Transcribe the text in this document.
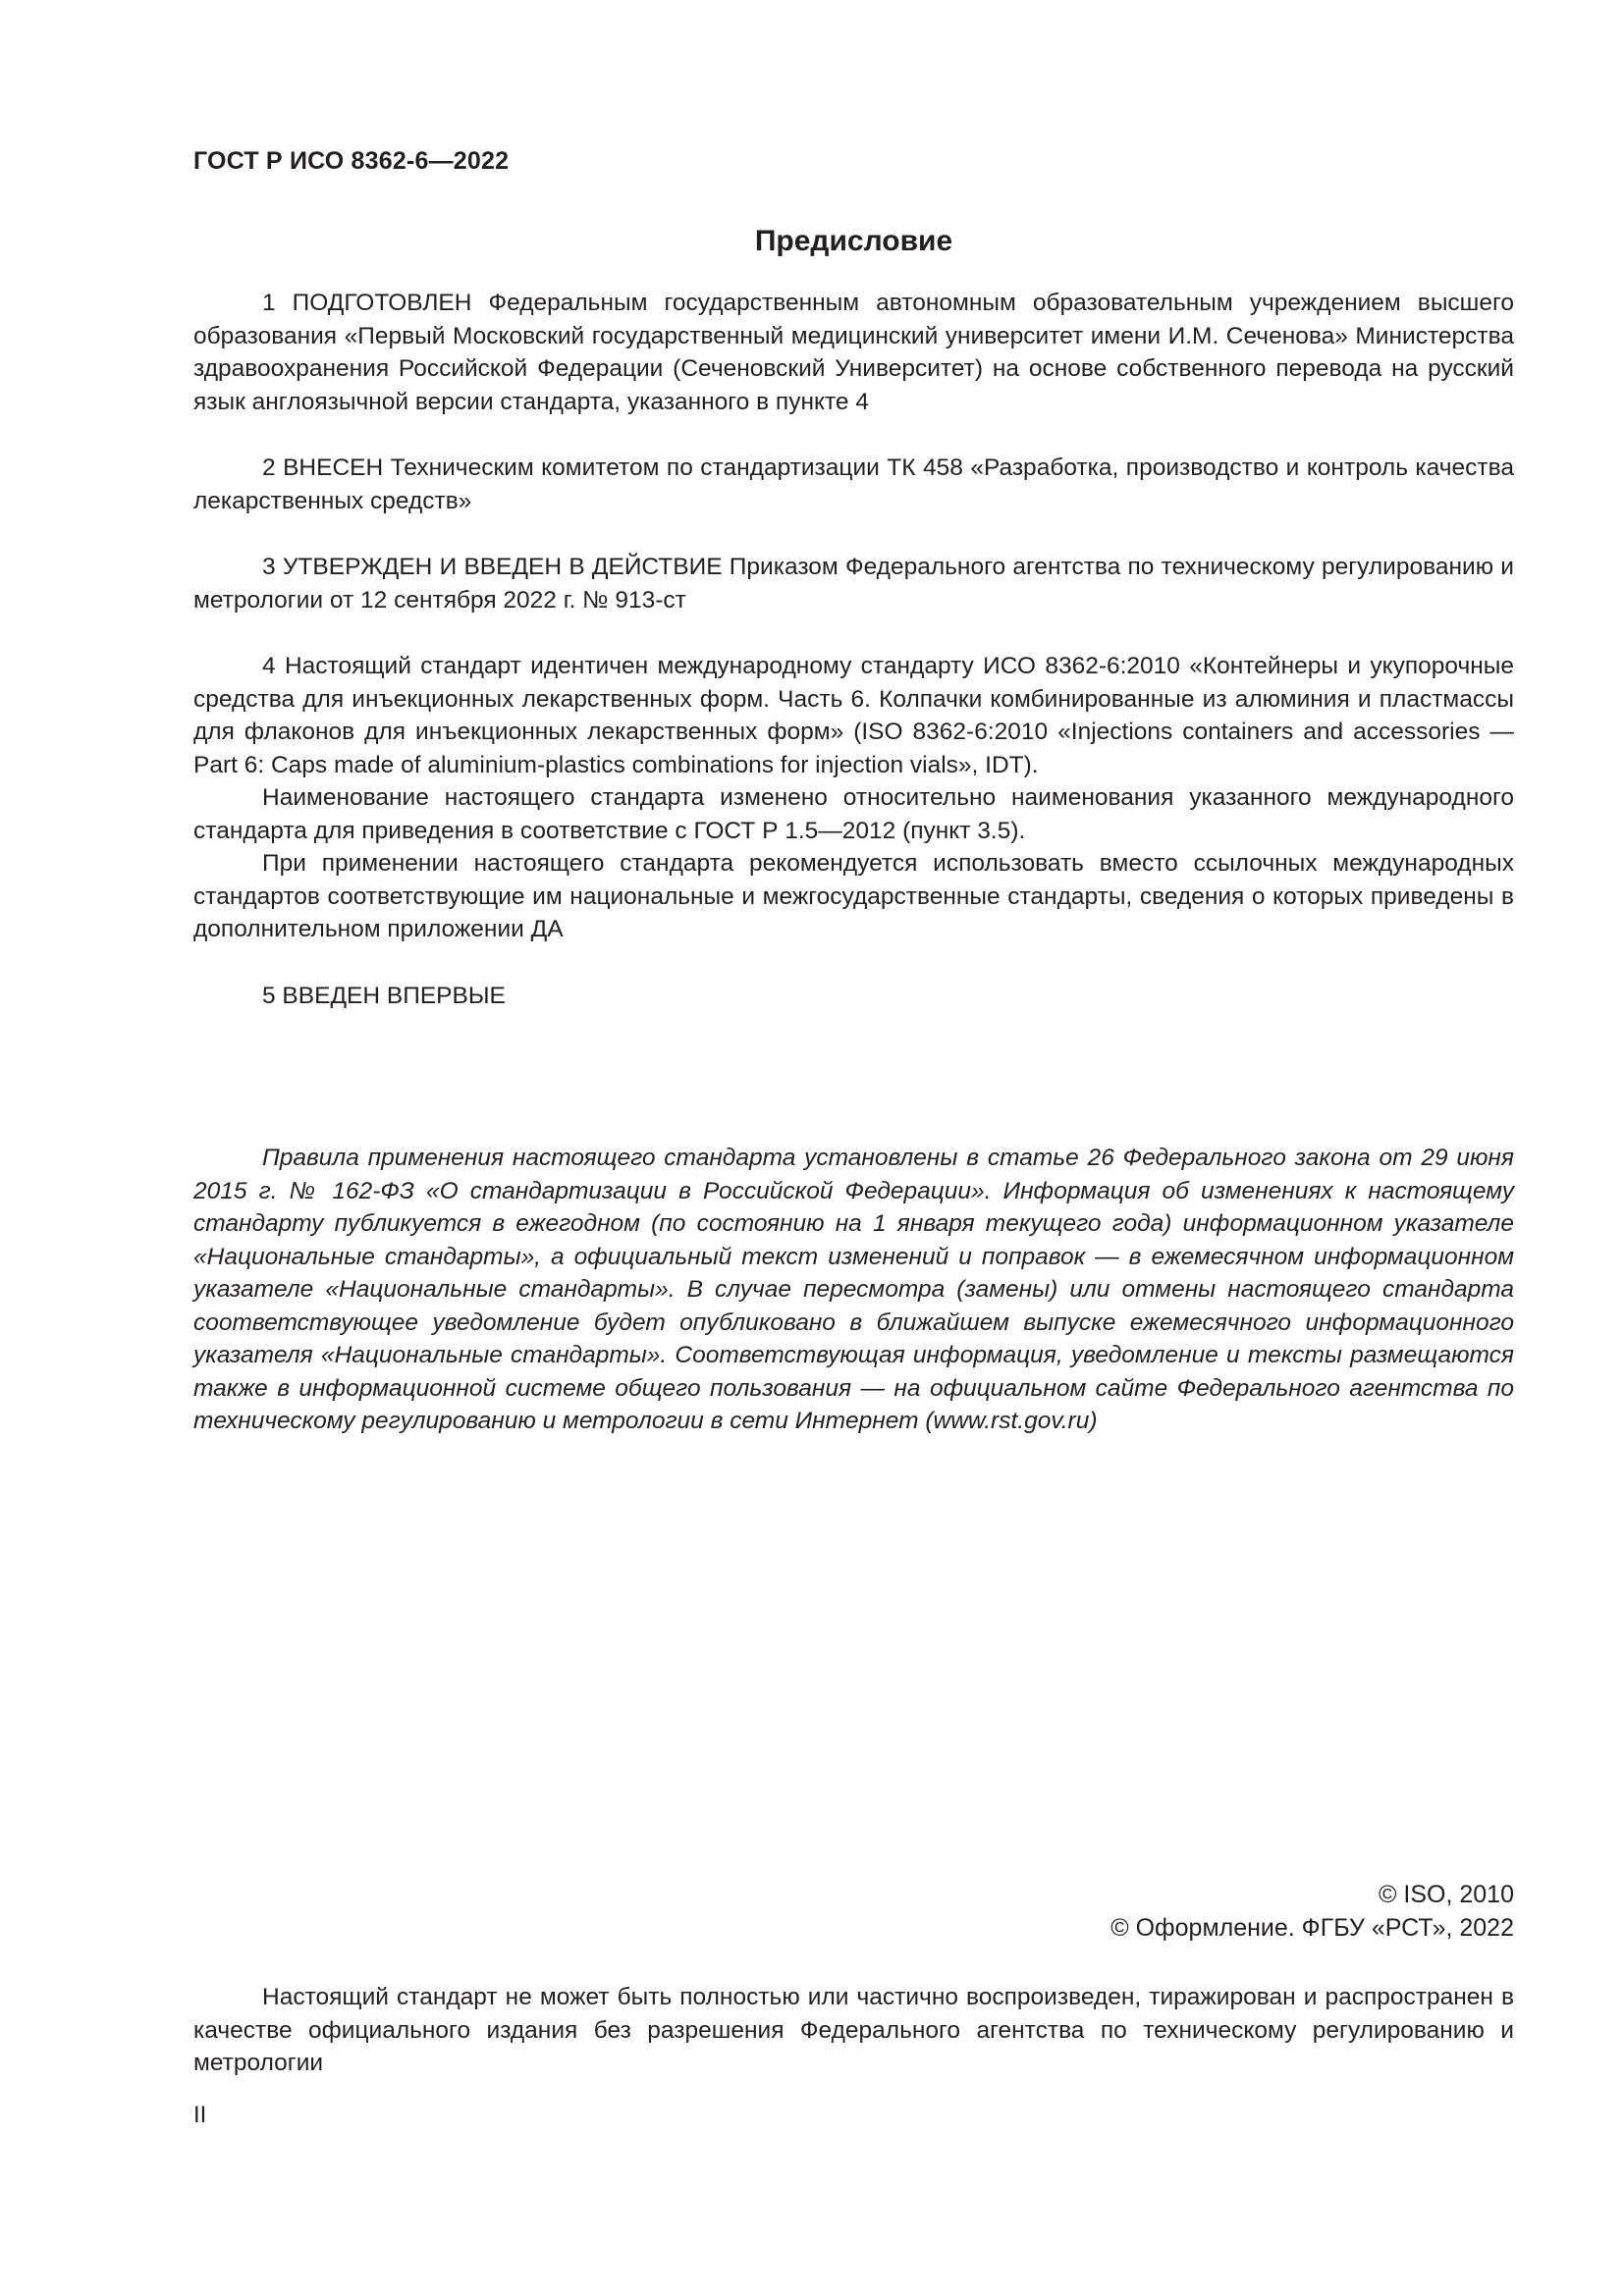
ГОСТ Р ИСО 8362-6—2022
Предисловие

1 ПОДГОТОВЛЕН Федеральным государственным автономным образовательным учреждением высшего образования «Первый Московский государственный медицинский университет имени И.М. Сеченова» Министерства здравоохранения Российской Федерации (Сеченовский Университет) на основе собственного перевода на русский язык англоязычной версии стандарта, указанного в пункте 4

2 ВНЕСЕН Техническим комитетом по стандартизации ТК 458 «Разработка, производство и контроль качества лекарственных средств»

3 УТВЕРЖДЕН И ВВЕДЕН В ДЕЙСТВИЕ Приказом Федерального агентства по техническому регулированию и метрологии от 12 сентября 2022 г. № 913-ст

4 Настоящий стандарт идентичен международному стандарту ИСО 8362-6:2010 «Контейнеры и укупорочные средства для инъекционных лекарственных форм. Часть 6. Колпачки комбинированные из алюминия и пластмассы для флаконов для инъекционных лекарственных форм» (ISO 8362-6:2010 «Injections containers and accessories — Part 6: Caps made of aluminium-plastics combinations for injection vials», IDT).

Наименование настоящего стандарта изменено относительно наименования указанного международного стандарта для приведения в соответствие с ГОСТ Р 1.5—2012 (пункт 3.5).

При применении настоящего стандарта рекомендуется использовать вместо ссылочных международных стандартов соответствующие им национальные и межгосударственные стандарты, сведения о которых приведены в дополнительном приложении ДА

5 ВВЕДЕН ВПЕРВЫЕ

Правила применения настоящего стандарта установлены в статье 26 Федерального закона от 29 июня 2015 г. № 162-ФЗ «О стандартизации в Российской Федерации». Информация об изменениях к настоящему стандарту публикуется в ежегодном (по состоянию на 1 января текущего года) информационном указателе «Национальные стандарты», а официальный текст изменений и поправок — в ежемесячном информационном указателе «Национальные стандарты». В случае пересмотра (замены) или отмены настоящего стандарта соответствующее уведомление будет опубликовано в ближайшем выпуске ежемесячного информационного указателя «Национальные стандарты». Соответствующая информация, уведомление и тексты размещаются также в информационной системе общего пользования — на официальном сайте Федерального агентства по техническому регулированию и метрологии в сети Интернет (www.rst.gov.ru)
© ISO, 2010
© Оформление. ФГБУ «РСТ», 2022
Настоящий стандарт не может быть полностью или частично воспроизведен, тиражирован и распространен в качестве официального издания без разрешения Федерального агентства по техническому регулированию и метрологии
II
